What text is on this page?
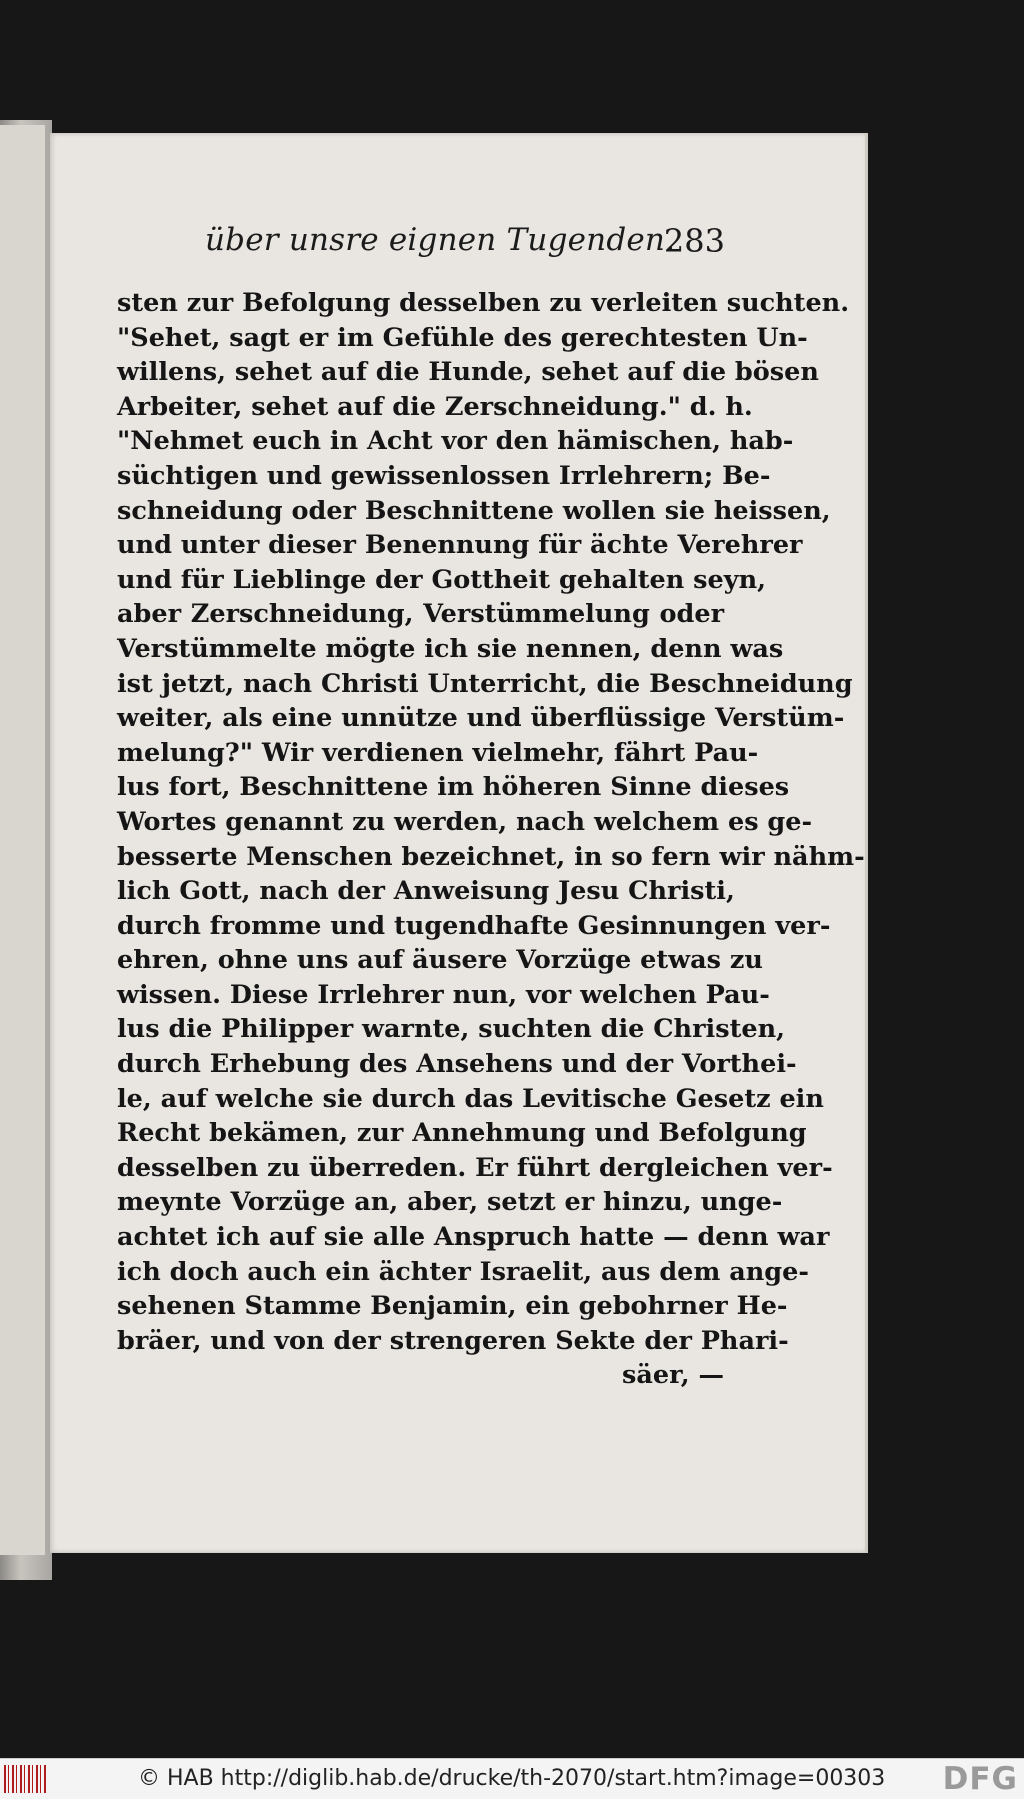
über unsre eignen Tugenden.
283
sten zur Befolgung desselben zu verleiten suchten.
"Sehet, sagt er im Gefühle des gerechtesten Un-
willens, sehet auf die Hunde, sehet auf die bösen
Arbeiter, sehet auf die Zerschneidung." d. h.
"Nehmet euch in Acht vor den hämischen, hab-
süchtigen und gewissenlossen Irrlehrern; Be-
schneidung oder Beschnittene wollen sie heissen,
und unter dieser Benennung für ächte Verehrer
und für Lieblinge der Gottheit gehalten seyn,
aber Zerschneidung, Verstümmelung oder
Verstümmelte mögte ich sie nennen, denn was
ist jetzt, nach Christi Unterricht, die Beschneidung
weiter, als eine unnütze und überflüssige Verstüm-
melung?" Wir verdienen vielmehr, fährt Pau-
lus fort, Beschnittene im höheren Sinne dieses
Wortes genannt zu werden, nach welchem es ge-
besserte Menschen bezeichnet, in so fern wir nähm-
lich Gott, nach der Anweisung Jesu Christi,
durch fromme und tugendhafte Gesinnungen ver-
ehren, ohne uns auf äusere Vorzüge etwas zu
wissen. Diese Irrlehrer nun, vor welchen Pau-
lus die Philipper warnte, suchten die Christen,
durch Erhebung des Ansehens und der Vorthei-
le, auf welche sie durch das Levitische Gesetz ein
Recht bekämen, zur Annehmung und Befolgung
desselben zu überreden. Er führt dergleichen ver-
meynte Vorzüge an, aber, setzt er hinzu, unge-
achtet ich auf sie alle Anspruch hatte — denn war
ich doch auch ein ächter Israelit, aus dem ange-
sehenen Stamme Benjamin, ein gebohrner He-
bräer, und von der strengeren Sekte der Phari-
säer, —
© HAB http://diglib.hab.de/drucke/th-2070/start.htm?image=00303 DFG
